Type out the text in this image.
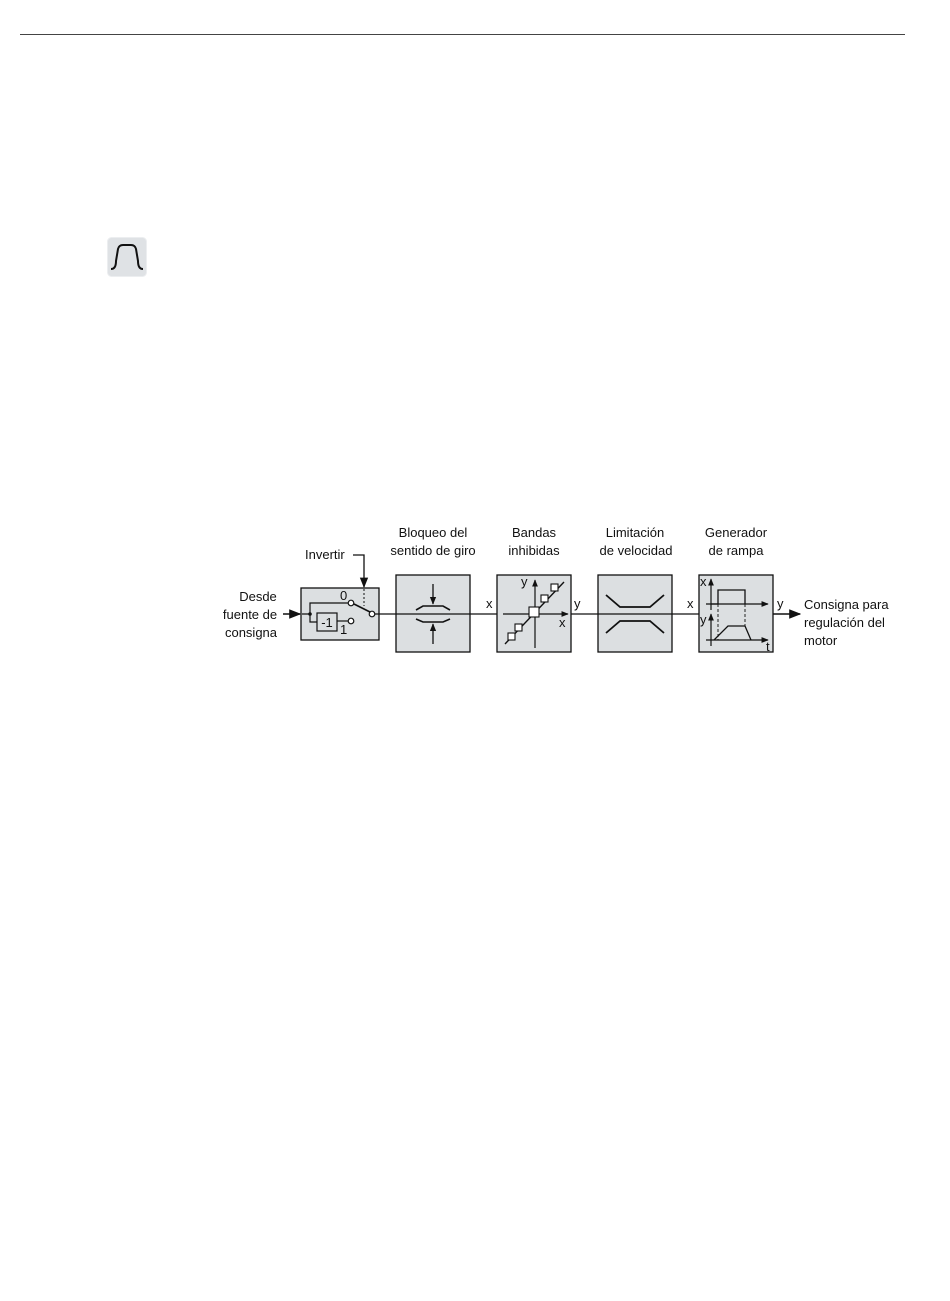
Desde
fuente de
consigna
Invertir
-1
0
1
Bloqueo del
sentido de giro
x
Bandas
inhibidas
y
x
y
Limitación
de velocidad
x
Generador
de rampa
x
y
t
y Consigna para
regulación del
motor
